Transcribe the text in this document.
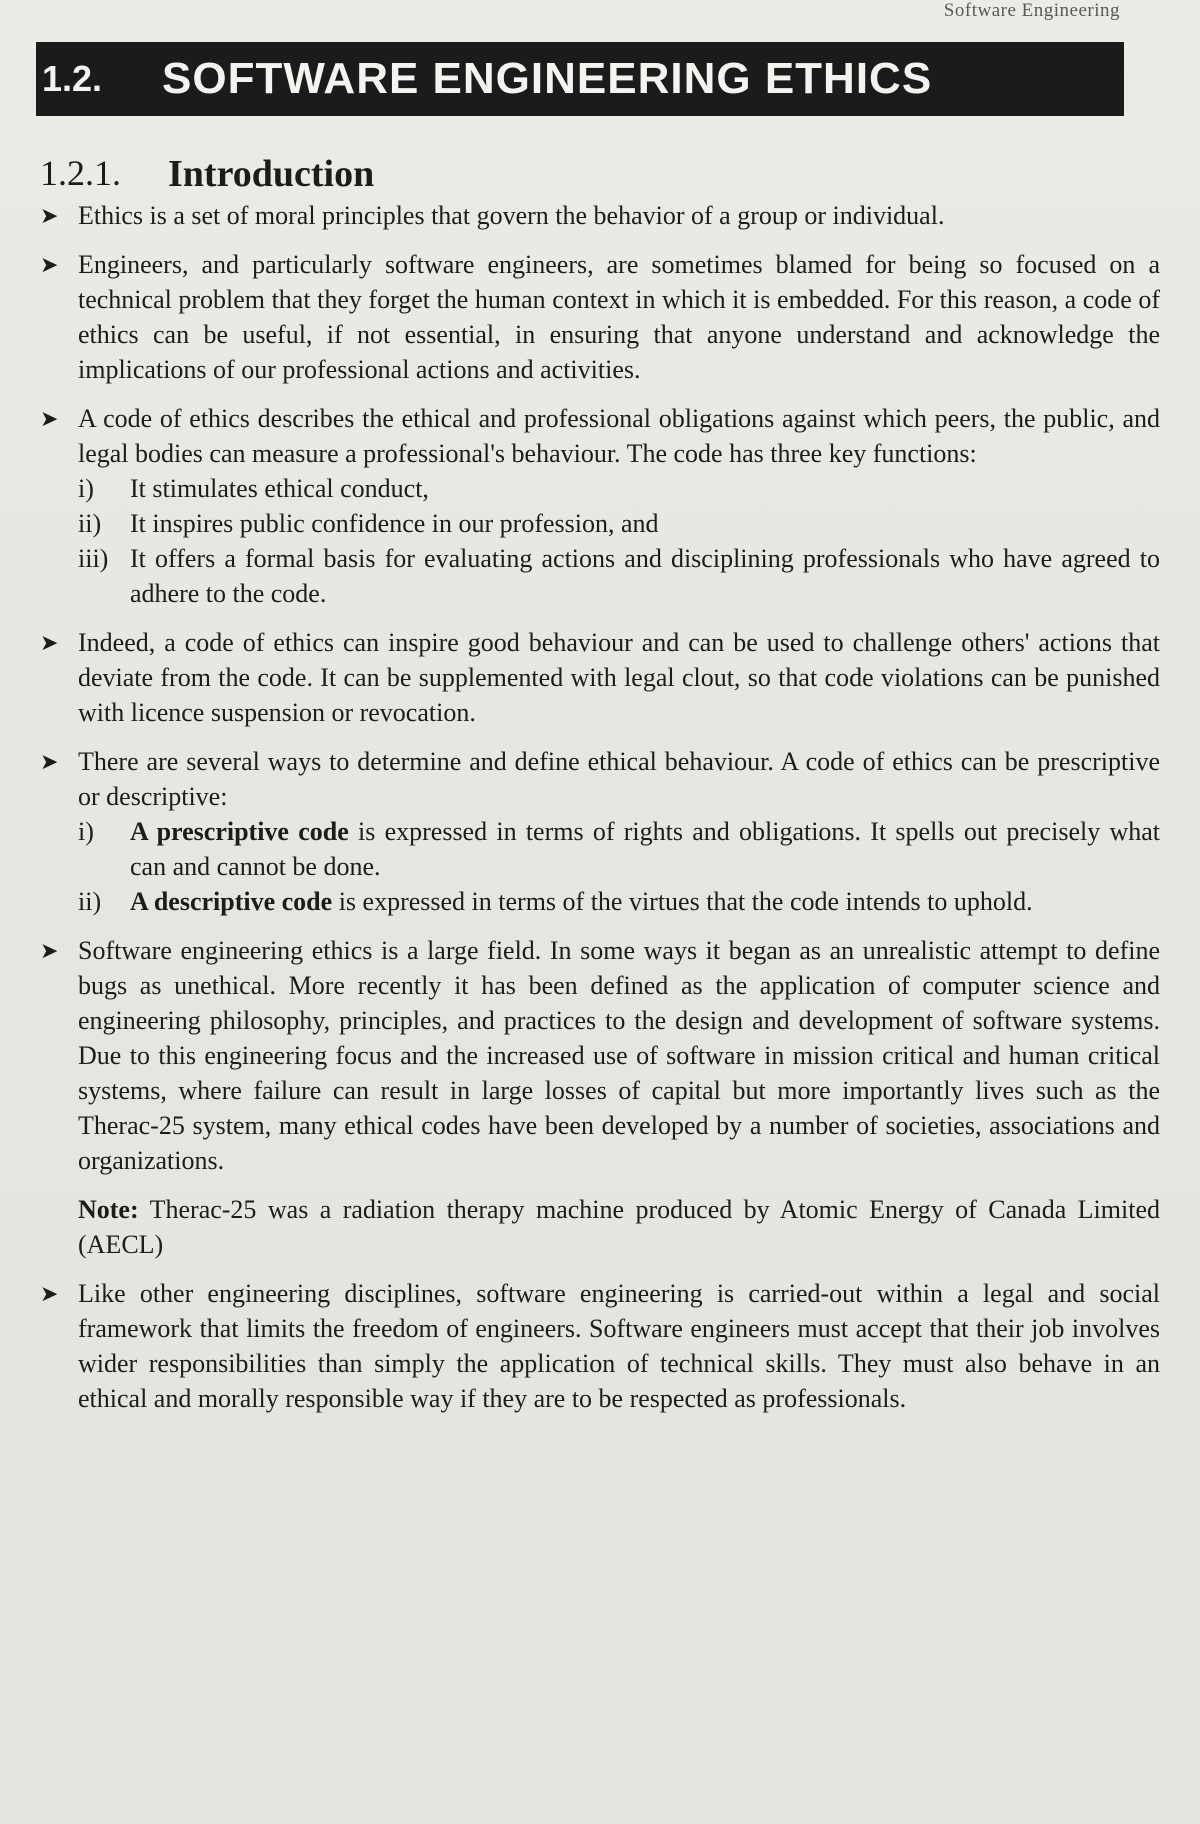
Software Engineering
1.2.	SOFTWARE ENGINEERING ETHICS
1.2.1.	Introduction
➤ Ethics is a set of moral principles that govern the behavior of a group or individual.
➤ Engineers, and particularly software engineers, are sometimes blamed for being so focused on a technical problem that they forget the human context in which it is embedded. For this reason, a code of ethics can be useful, if not essential, in ensuring that anyone understand and acknowledge the implications of our professional actions and activities.
➤ A code of ethics describes the ethical and professional obligations against which peers, the public, and legal bodies can measure a professional's behaviour. The code has three key functions:
i) It stimulates ethical conduct,
ii) It inspires public confidence in our profession, and
iii) It offers a formal basis for evaluating actions and disciplining professionals who have agreed to adhere to the code.
➤ Indeed, a code of ethics can inspire good behaviour and can be used to challenge others' actions that deviate from the code. It can be supplemented with legal clout, so that code violations can be punished with licence suspension or revocation.
➤ There are several ways to determine and define ethical behaviour. A code of ethics can be prescriptive or descriptive:
i) A prescriptive code is expressed in terms of rights and obligations. It spells out precisely what can and cannot be done.
ii) A descriptive code is expressed in terms of the virtues that the code intends to uphold.
➤ Software engineering ethics is a large field. In some ways it began as an unrealistic attempt to define bugs as unethical. More recently it has been defined as the application of computer science and engineering philosophy, principles, and practices to the design and development of software systems. Due to this engineering focus and the increased use of software in mission critical and human critical systems, where failure can result in large losses of capital but more importantly lives such as the Therac-25 system, many ethical codes have been developed by a number of societies, associations and organizations.
Note: Therac-25 was a radiation therapy machine produced by Atomic Energy of Canada Limited (AECL)
➤ Like other engineering disciplines, software engineering is carried-out within a legal and social framework that limits the freedom of engineers. Software engineers must accept that their job involves wider responsibilities than simply the application of technical skills. They must also behave in an ethical and morally responsible way if they are to be respected as professionals.
